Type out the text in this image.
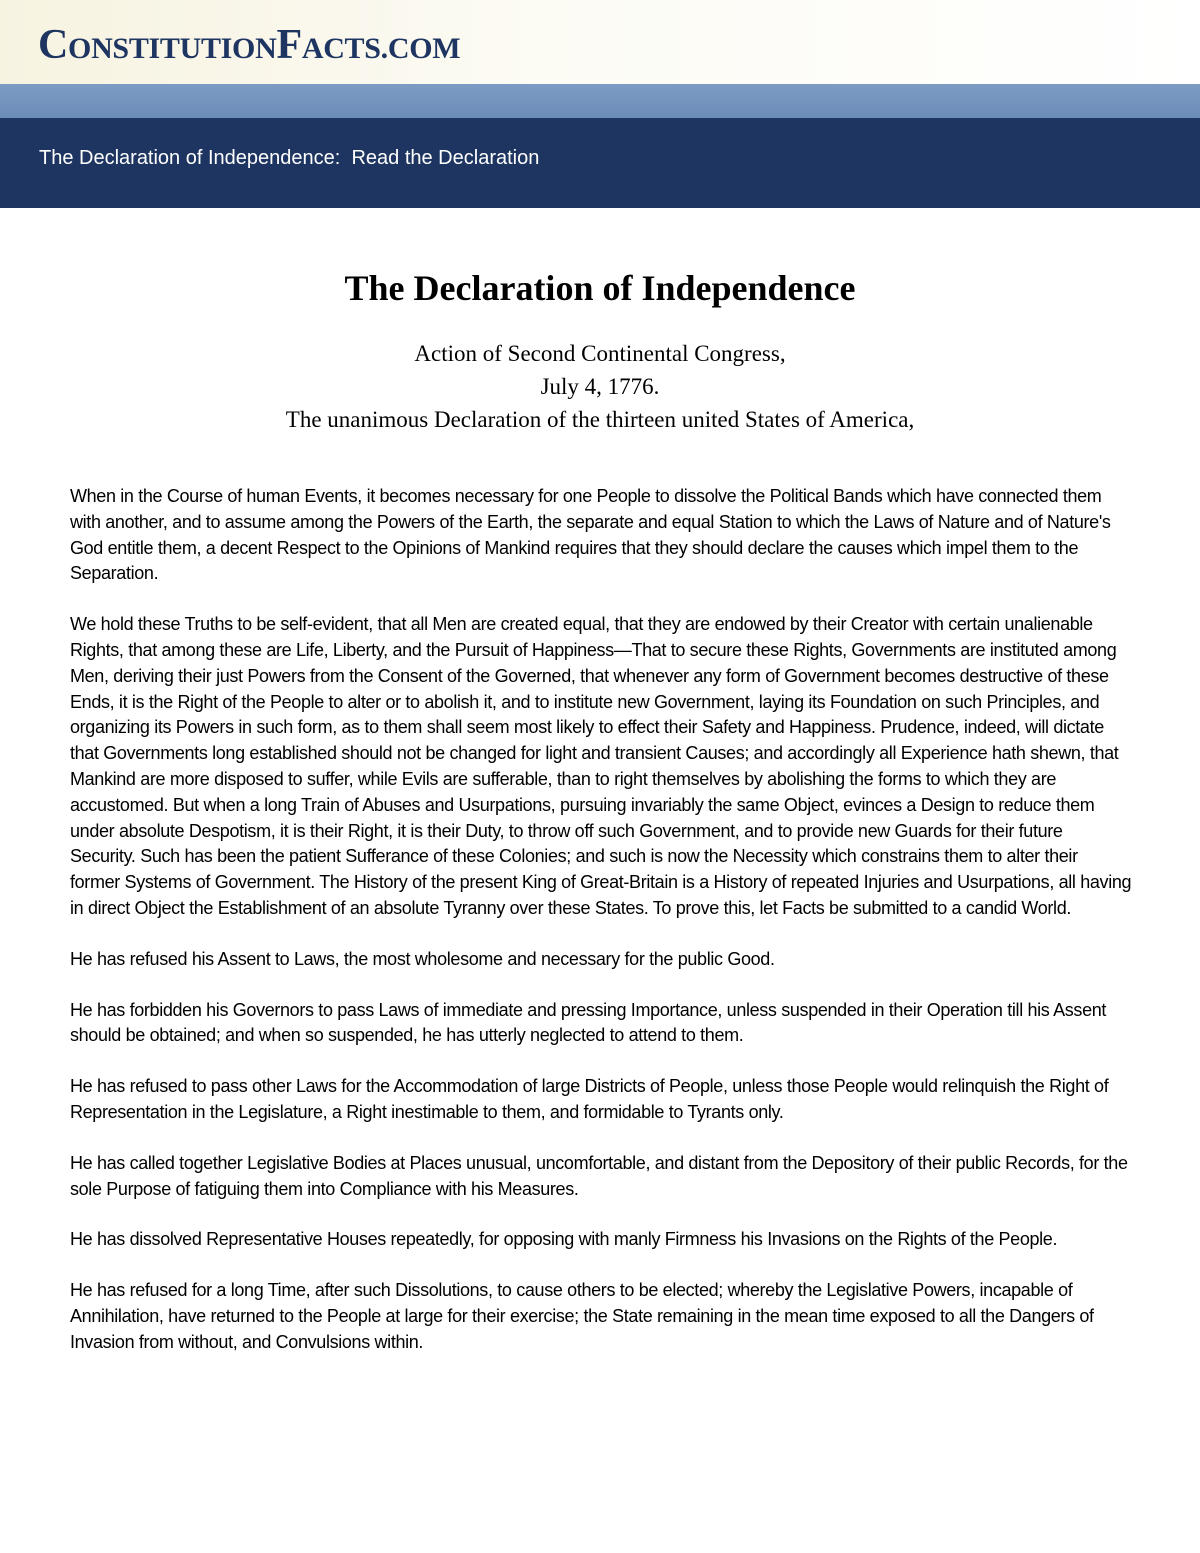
CONSTITUTIONFACTS.COM
The Declaration of Independence: Read the Declaration
The Declaration of Independence
Action of Second Continental Congress,
July 4, 1776.
The unanimous Declaration of the thirteen united States of America,

When in the Course of human Events, it becomes necessary for one People to dissolve the Political Bands which have connected them with another, and to assume among the Powers of the Earth, the separate and equal Station to which the Laws of Nature and of Nature's God entitle them, a decent Respect to the Opinions of Mankind requires that they should declare the causes which impel them to the Separation.

We hold these Truths to be self-evident, that all Men are created equal, that they are endowed by their Creator with certain unalienable Rights, that among these are Life, Liberty, and the Pursuit of Happiness—That to secure these Rights, Governments are instituted among Men, deriving their just Powers from the Consent of the Governed, that whenever any form of Government becomes destructive of these Ends, it is the Right of the People to alter or to abolish it, and to institute new Government, laying its Foundation on such Principles, and organizing its Powers in such form, as to them shall seem most likely to effect their Safety and Happiness. Prudence, indeed, will dictate that Governments long established should not be changed for light and transient Causes; and accordingly all Experience hath shewn, that Mankind are more disposed to suffer, while Evils are sufferable, than to right themselves by abolishing the forms to which they are accustomed. But when a long Train of Abuses and Usurpations, pursuing invariably the same Object, evinces a Design to reduce them under absolute Despotism, it is their Right, it is their Duty, to throw off such Government, and to provide new Guards for their future Security. Such has been the patient Sufferance of these Colonies; and such is now the Necessity which constrains them to alter their former Systems of Government. The History of the present King of Great-Britain is a History of repeated Injuries and Usurpations, all having in direct Object the Establishment of an absolute Tyranny over these States. To prove this, let Facts be submitted to a candid World.

He has refused his Assent to Laws, the most wholesome and necessary for the public Good.

He has forbidden his Governors to pass Laws of immediate and pressing Importance, unless suspended in their Operation till his Assent should be obtained; and when so suspended, he has utterly neglected to attend to them.

He has refused to pass other Laws for the Accommodation of large Districts of People, unless those People would relinquish the Right of Representation in the Legislature, a Right inestimable to them, and formidable to Tyrants only.

He has called together Legislative Bodies at Places unusual, uncomfortable, and distant from the Depository of their public Records, for the sole Purpose of fatiguing them into Compliance with his Measures.

He has dissolved Representative Houses repeatedly, for opposing with manly Firmness his Invasions on the Rights of the People.

He has refused for a long Time, after such Dissolutions, to cause others to be elected; whereby the Legislative Powers, incapable of Annihilation, have returned to the People at large for their exercise; the State remaining in the mean time exposed to all the Dangers of Invasion from without, and Convulsions within.
